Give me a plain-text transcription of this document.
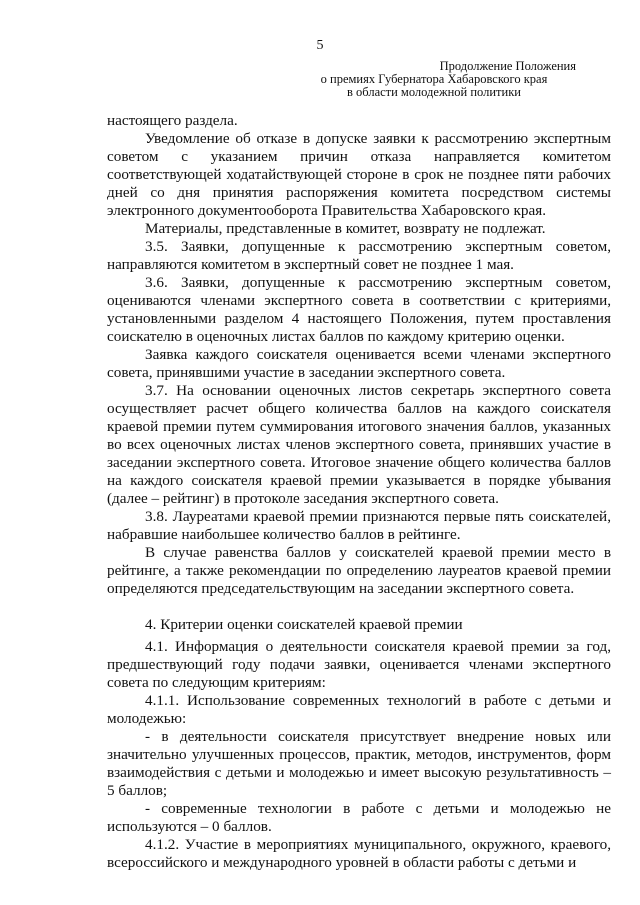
5
Продолжение Положения
о премиях Губернатора Хабаровского края
в области молодежной политики

настоящего раздела.

Уведомление об отказе в допуске заявки к рассмотрению экспертным советом с указанием причин отказа направляется комитетом соответствующей ходатайствующей стороне в срок не позднее пяти рабочих дней со дня принятия распоряжения комитета посредством системы электронного документооборота Правительства Хабаровского края.

Материалы, представленные в комитет, возврату не подлежат.

3.5. Заявки, допущенные к рассмотрению экспертным советом, направляются комитетом в экспертный совет не позднее 1 мая.

3.6. Заявки, допущенные к рассмотрению экспертным советом, оцениваются членами экспертного совета в соответствии с критериями, установленными разделом 4 настоящего Положения, путем проставления соискателю в оценочных листах баллов по каждому критерию оценки.

Заявка каждого соискателя оценивается всеми членами экспертного совета, принявшими участие в заседании экспертного совета.

3.7. На основании оценочных листов секретарь экспертного совета осуществляет расчет общего количества баллов на каждого соискателя краевой премии путем суммирования итогового значения баллов, указанных во всех оценочных листах членов экспертного совета, принявших участие в заседании экспертного совета. Итоговое значение общего количества баллов на каждого соискателя краевой премии указывается в порядке убывания (далее – рейтинг) в протоколе заседания экспертного совета.

3.8. Лауреатами краевой премии признаются первые пять соискателей, набравшие наибольшее количество баллов в рейтинге.

В случае равенства баллов у соискателей краевой премии место в рейтинге, а также рекомендации по определению лауреатов краевой премии определяются председательствующим на заседании экспертного совета.

4. Критерии оценки соискателей краевой премии

4.1. Информация о деятельности соискателя краевой премии за год, предшествующий году подачи заявки, оценивается членами экспертного совета по следующим критериям:

4.1.1. Использование современных технологий в работе с детьми и молодежью:

- в деятельности соискателя присутствует внедрение новых или значительно улучшенных процессов, практик, методов, инструментов, форм взаимодействия с детьми и молодежью и имеет высокую результативность – 5 баллов;

- современные технологии в работе с детьми и молодежью не используются – 0 баллов.

4.1.2. Участие в мероприятиях муниципального, окружного, краевого, всероссийского и международного уровней в области работы с детьми и
